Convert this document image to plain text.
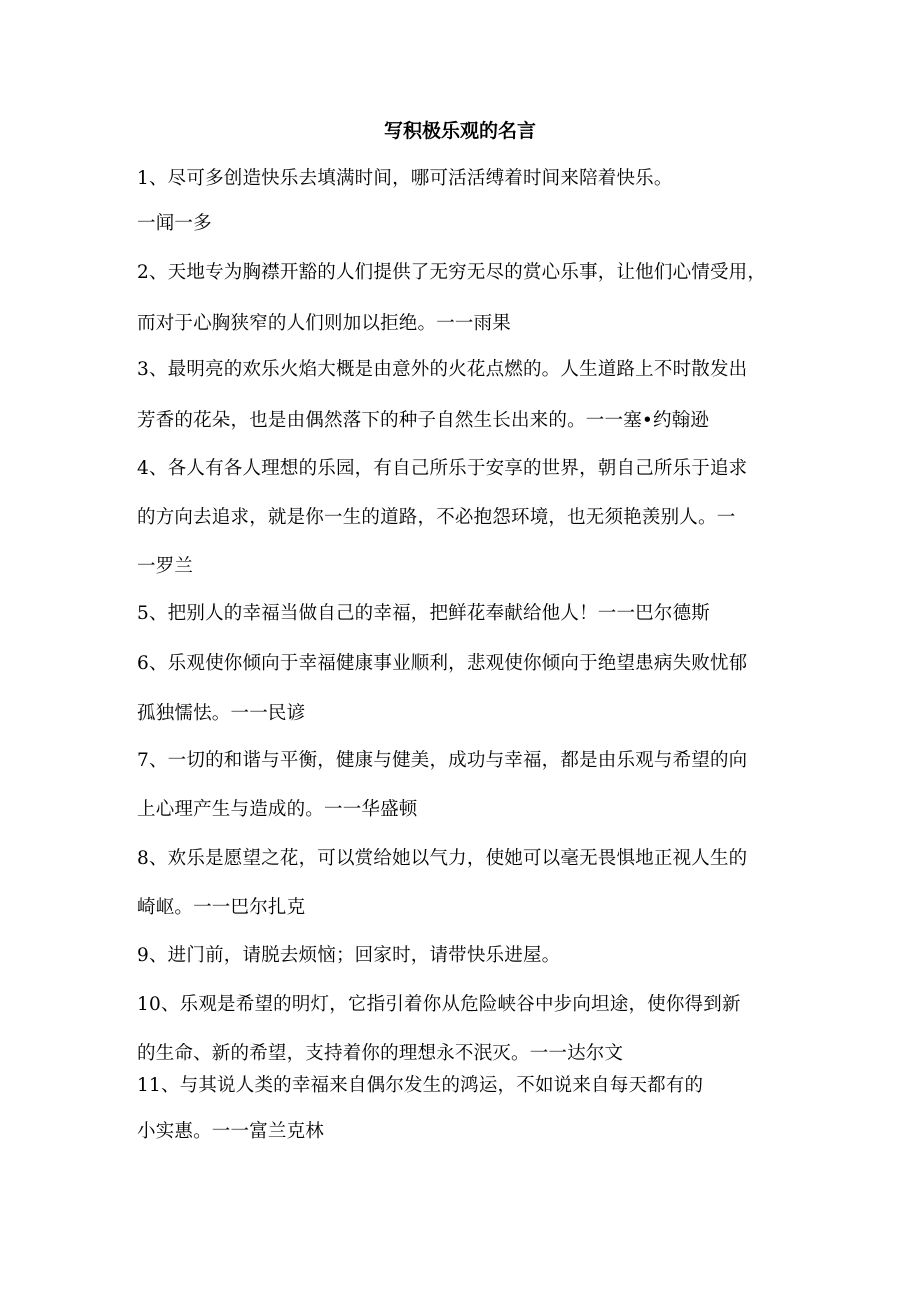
写积极乐观的名言
1、尽可多创造快乐去填满时间，哪可活活缚着时间来陪着快乐。
一闻一多
2、天地专为胸襟开豁的人们提供了无穷无尽的赏心乐事，让他们心情受用，
而对于心胸狭窄的人们则加以拒绝。一一雨果
3、最明亮的欢乐火焰大概是由意外的火花点燃的。人生道路上不时散发出
芳香的花朵，也是由偶然落下的种子自然生长出来的。一一塞•约翰逊
4、各人有各人理想的乐园，有自己所乐于安享的世界，朝自己所乐于追求
的方向去追求，就是你一生的道路，不必抱怨环境，也无须艳羡别人。一
一罗兰
5、把别人的幸福当做自己的幸福，把鲜花奉献给他人！一一巴尔德斯
6、乐观使你倾向于幸福健康事业顺利，悲观使你倾向于绝望患病失败忧郁
孤独懦怯。一一民谚
7、一切的和谐与平衡，健康与健美，成功与幸福，都是由乐观与希望的向
上心理产生与造成的。一一华盛顿
8、欢乐是愿望之花，可以赏给她以气力，使她可以毫无畏惧地正视人生的
崎岖。一一巴尔扎克
9、进门前，请脱去烦恼；回家时，请带快乐进屋。
10、乐观是希望的明灯，它指引着你从危险峡谷中步向坦途，使你得到新
的生命、新的希望，支持着你的理想永不泯灭。一一达尔文
11、与其说人类的幸福来自偶尔发生的鸿运，不如说来自每天都有的
小实惠。一一富兰克林
